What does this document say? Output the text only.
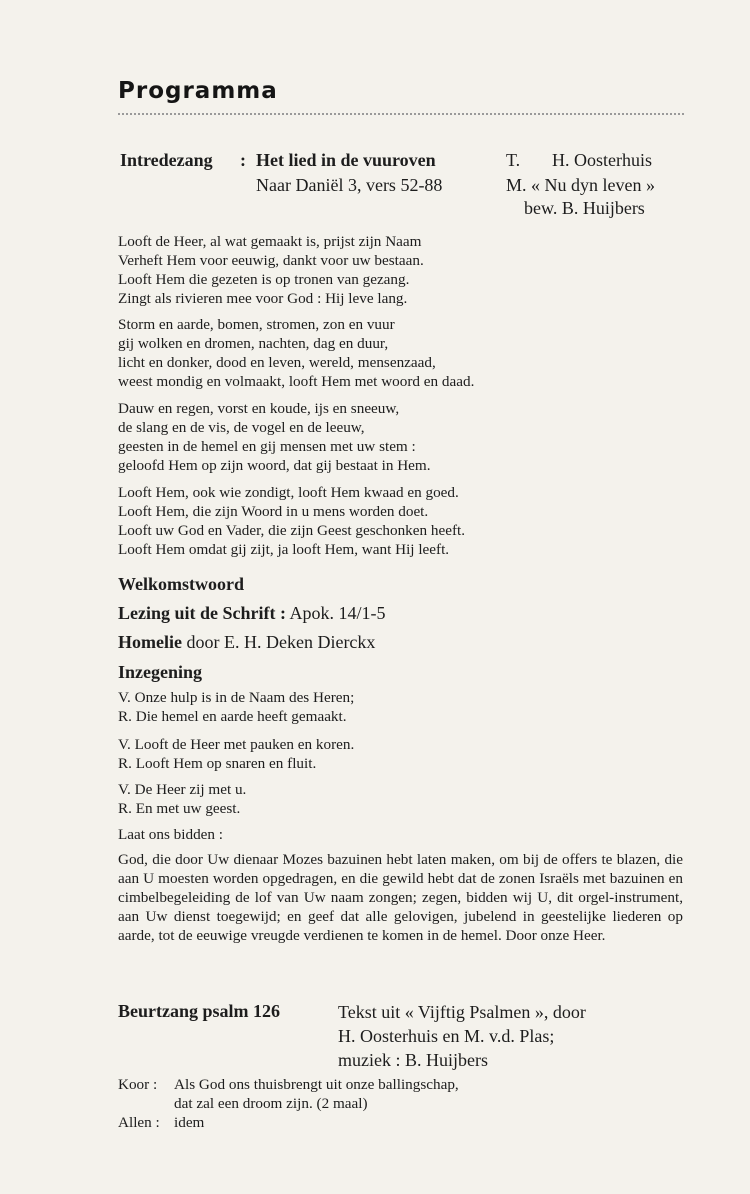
Programma
Intredezang : Het lied in de vuuroven
Naar Daniël 3, vers 52-88
T. H. Oosterhuis
M. « Nu dyn leven »
bew. B. Huijbers
Looft de Heer, al wat gemaakt is, prijst zijn Naam
Verheft Hem voor eeuwig, dankt voor uw bestaan.
Looft Hem die gezeten is op tronen van gezang.
Zingt als rivieren mee voor God : Hij leve lang.
Storm en aarde, bomen, stromen, zon en vuur
gij wolken en dromen, nachten, dag en duur,
licht en donker, dood en leven, wereld, mensenzaad,
weest mondig en volmaakt, looft Hem met woord en daad.
Dauw en regen, vorst en koude, ijs en sneeuw,
de slang en de vis, de vogel en de leeuw,
geesten in de hemel en gij mensen met uw stem :
geloofd Hem op zijn woord, dat gij bestaat in Hem.
Looft Hem, ook wie zondigt, looft Hem kwaad en goed.
Looft Hem, die zijn Woord in u mens worden doet.
Looft uw God en Vader, die zijn Geest geschonken heeft.
Looft Hem omdat gij zijt, ja looft Hem, want Hij leeft.
Welkomstwoord
Lezing uit de Schrift : Apok. 14/1-5
Homelie door E. H. Deken Dierckx
Inzegening
V. Onze hulp is in de Naam des Heren;
R. Die hemel en aarde heeft gemaakt.
V. Looft de Heer met pauken en koren.
R. Looft Hem op snaren en fluit.
V. De Heer zij met u.
R. En met uw geest.
Laat ons bidden :
God, die door Uw dienaar Mozes bazuinen hebt laten maken, om bij de offers te blazen, die aan U moesten worden opgedragen, en die gewild hebt dat de zonen Israëls met bazuinen en cimbelbegeleiding de lof van Uw naam zongen; zegen, bidden wij U, dit orgel-instrument, aan Uw dienst toegewijd; en geef dat alle gelovigen, jubelend in geestelijke liederen op aarde, tot de eeuwige vreugde verdienen te komen in de hemel. Door onze Heer.
Beurtzang psalm 126	Tekst uit « Vijftig Psalmen », door
H. Oosterhuis en M. v.d. Plas;
muziek : B. Huijbers
Koor : Als God ons thuisbrengt uit onze ballingschap,
dat zal een droom zijn. (2 maal)
Allen : idem
